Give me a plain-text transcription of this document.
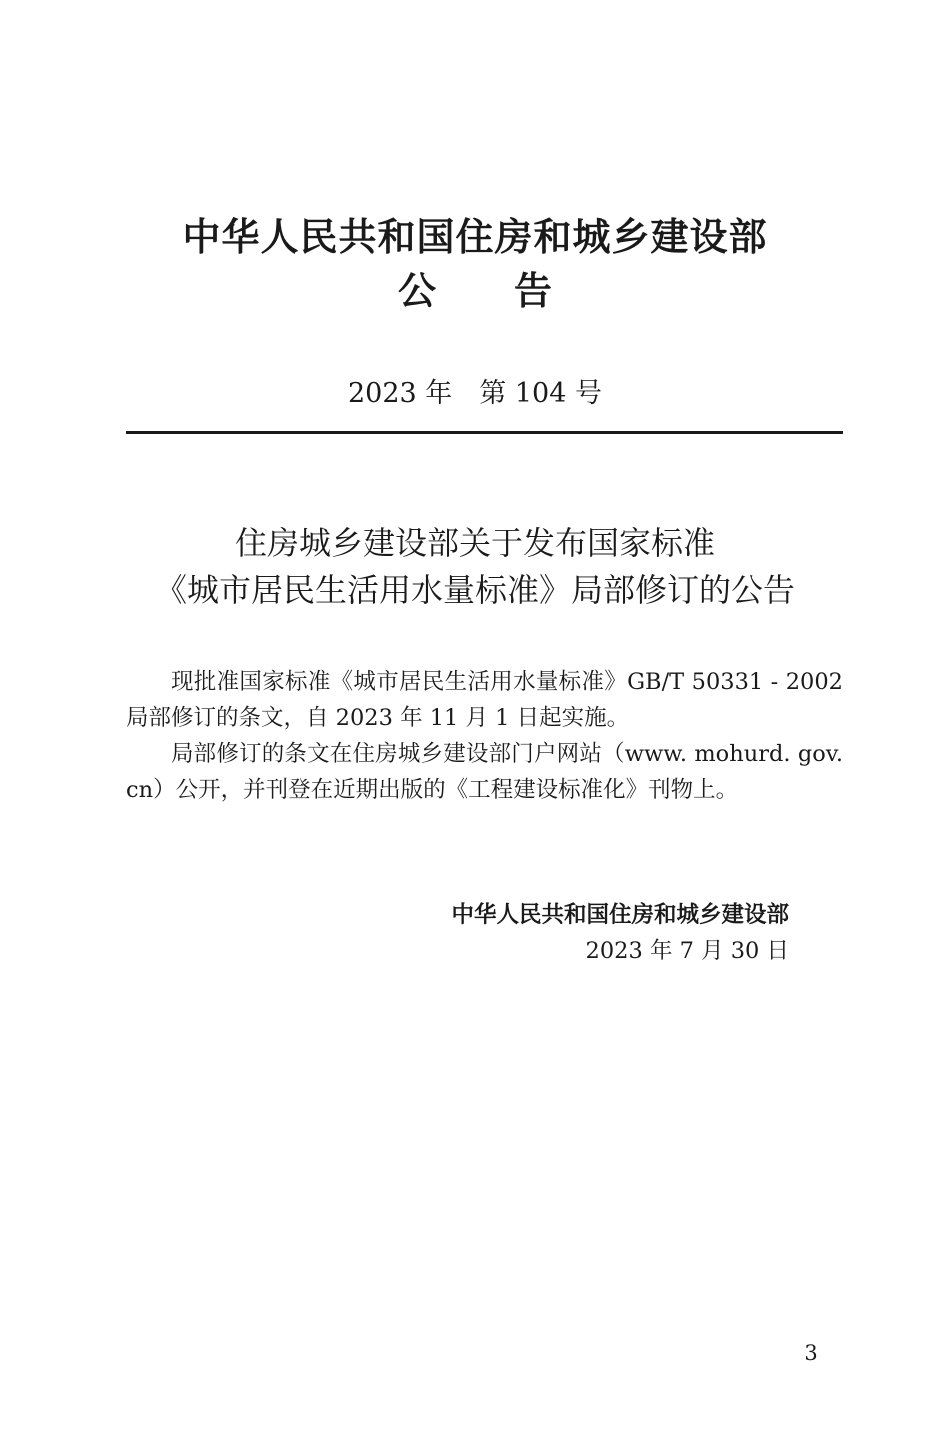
中华人民共和国住房和城乡建设部
公告
2023 年　第 104 号
住房城乡建设部关于发布国家标准
《城市居民生活用水量标准》局部修订的公告

现批准国家标准《城市居民生活用水量标准》GB/T 50331 - 2002 局部修订的条文，自 2023 年 11 月 1 日起实施。

局部修订的条文在住房城乡建设部门户网站（www. mohurd. gov. cn）公开，并刊登在近期出版的《工程建设标准化》刊物上。

中华人民共和国住房和城乡建设部
2023 年 7 月 30 日
3
